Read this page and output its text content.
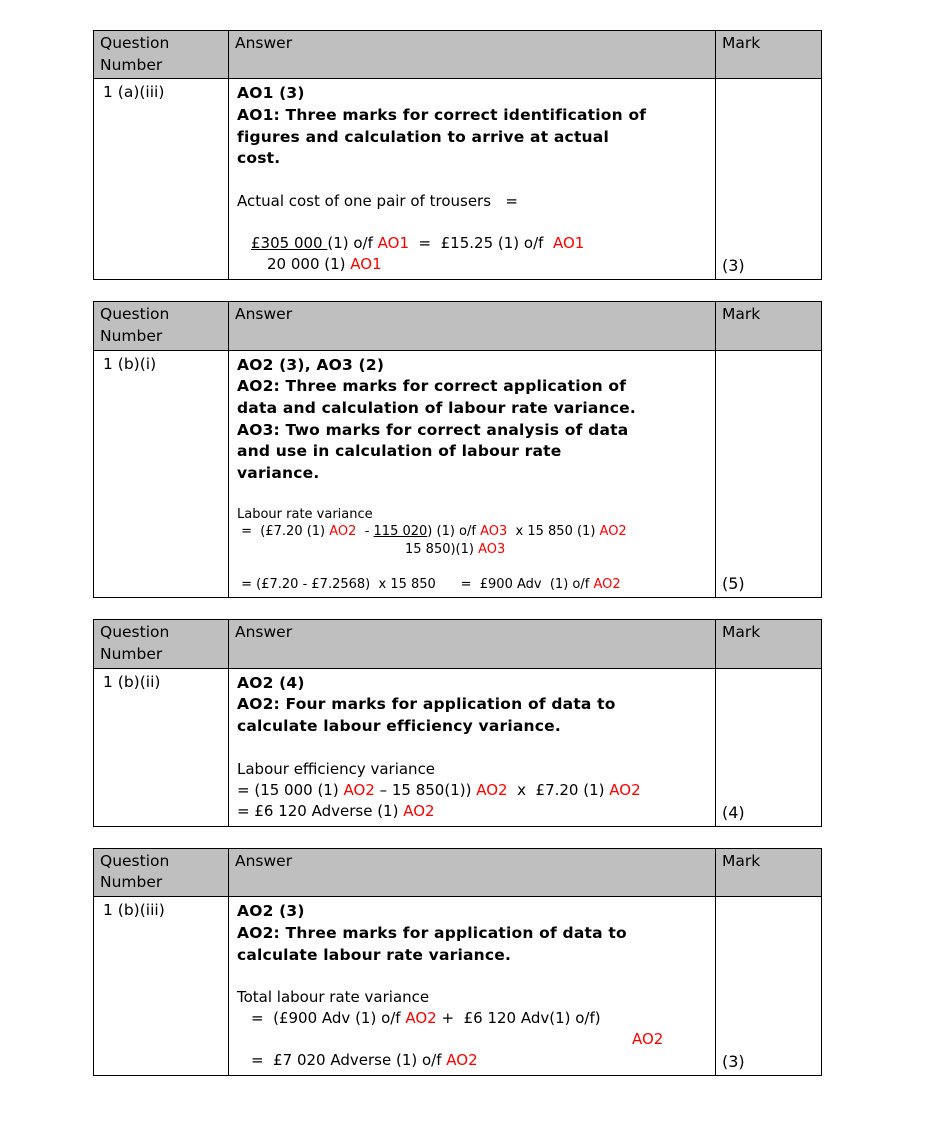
Question Number	Answer	Mark
1 (a)(iii)	AO1 (3)
AO1: Three marks for correct identification of
figures and calculation to arrive at actual
cost.

Actual cost of one pair of trousers   =

£305 000 (1) o/f AO1  =  £15.25 (1) o/f  AO1
20 000 (1) AO1	(3)
Question Number	Answer	Mark
1 (b)(i)	AO2 (3), AO3 (2)
AO2: Three marks for correct application of
data and calculation of labour rate variance.
AO3: Two marks for correct analysis of data
and use in calculation of labour rate
variance.

Labour rate variance
=  (£7.20 (1) AO2  - 115 020) (1) o/f AO3  x 15 850 (1) AO2
15 850)(1) AO3

= (£7.20 - £7.2568)  x 15 850      =  £900 Adv  (1) o/f AO2	(5)
Question Number	Answer	Mark
1 (b)(ii)	AO2 (4)
AO2: Four marks for application of data to
calculate labour efficiency variance.

Labour efficiency variance
= (15 000 (1) AO2 – 15 850(1)) AO2  x  £7.20 (1) AO2
= £6 120 Adverse (1) AO2	(4)
Question Number	Answer	Mark
1 (b)(iii)	AO2 (3)
AO2: Three marks for application of data to
calculate labour rate variance.

Total labour rate variance
=  (£900 Adv (1) o/f AO2 +  £6 120 Adv(1) o/f)
AO2
=  £7 020 Adverse (1) o/f AO2	(3)
